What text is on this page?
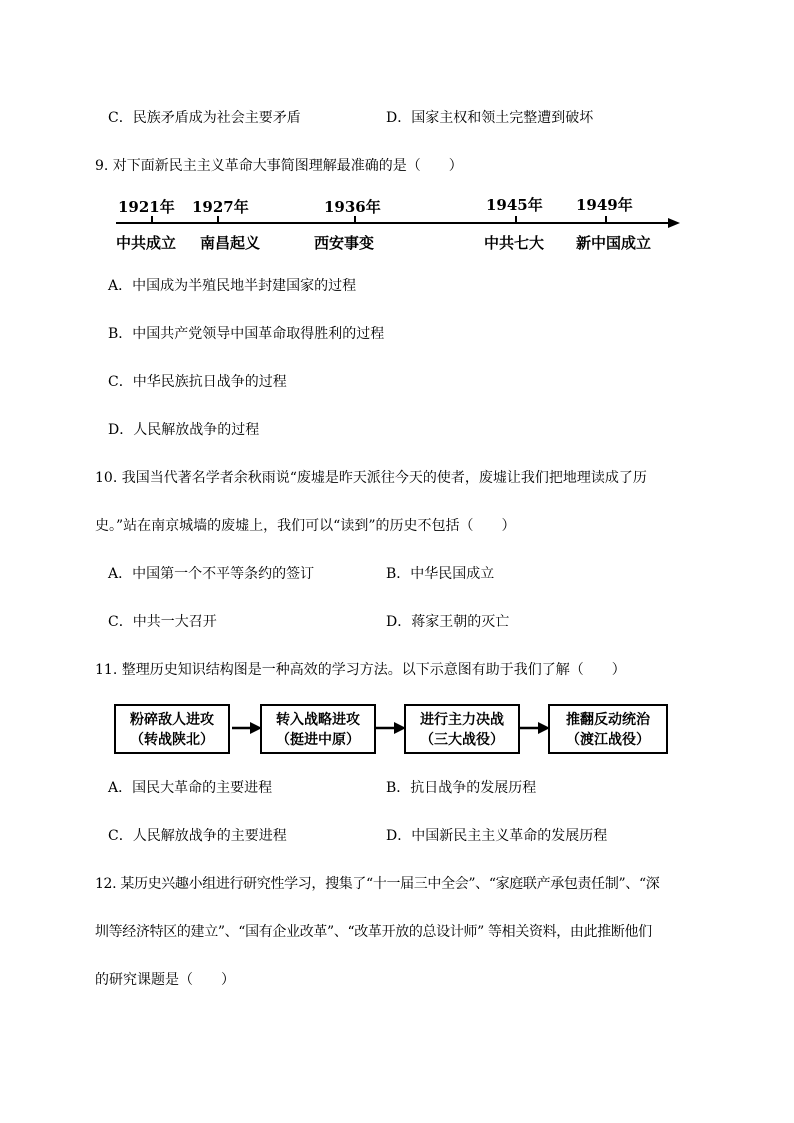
C．民族矛盾成为社会主要矛盾	D．国家主权和领土完整遭到破坏
9. 对下面新民主主义革命大事简图理解最准确的是（　　）
1921年 1927年	1936年	1945年 1949年
中共成立 南昌起义	西安事变	中共七大 新中国成立
A．中国成为半殖民地半封建国家的过程
B．中国共产党领导中国革命取得胜利的过程
C．中华民族抗日战争的过程
D．人民解放战争的过程
10. 我国当代著名学者余秋雨说“废墟是昨天派往今天的使者，废墟让我们把地理读成了历
史。”站在南京城墙的废墟上，我们可以“读到”的历史不包括（　　）
A．中国第一个不平等条约的签订	B．中华民国成立
C．中共一大召开	D．蒋家王朝的灭亡
11. 整理历史知识结构图是一种高效的学习方法。以下示意图有助于我们了解（　　）
粉碎敌人进攻
（转战陕北）
转入战略进攻
（挺进中原）
进行主力决战
（三大战役）
推翻反动统治
（渡江战役）
A．国民大革命的主要进程	B．抗日战争的发展历程
C．人民解放战争的主要进程	D．中国新民主主义革命的发展历程
12. 某历史兴趣小组进行研究性学习，搜集了“十一届三中全会”、“家庭联产承包责任制”、“深
圳等经济特区的建立”、“国有企业改革”、“改革开放的总设计师” 等相关资料，由此推断他们
的研究课题是（　　）
